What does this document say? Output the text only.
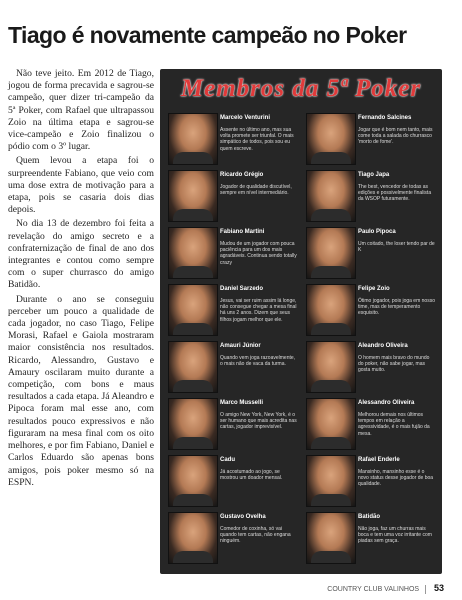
Tiago é novamente campeão no Poker

Não teve jeito. Em 2012 de Tiago, jogou de forma precavida e sagrou-se campeão, quer dizer tri-campeão da 5ª Poker, com Rafael que ultrapassou Zoio na última etapa e sagrou-se vice-campeão e Zoio finalizou o pódio com o 3º lugar.

Quem levou a etapa foi o surpreendente Fabiano, que veio com uma dose extra de motivação para a etapa, pois se casaria dois dias depois.

No dia 13 de dezembro foi feita a revelação do amigo secreto e a confraternização de final de ano dos integrantes e contou como sempre com o super churrasco do amigo Batidão.

Durante o ano se conseguiu perceber um pouco a qualidade de cada jogador, no caso Tiago, Felipe Morasi, Rafael e Gaiola mostraram maior consistência nos resultados. Ricardo, Alessandro, Gustavo e Amaury oscilaram muito durante a competição, com bons e maus resultados a cada etapa. Já Aleandro e Pipoca foram mal esse ano, com resultados pouco expressivos e não figuraram na mesa final com os oito melhores, e por fim Fabiano, Daniel e Carlos Eduardo são apenas bons amigos, pois poker mesmo só na ESPN.

Membros da 5ª Poker
Marcelo Venturini
Assente no último ano, mas sua volta promete ser triunfal. O mais simpático de todos, pois sou eu quem escreve.
Fernando Salcines
Jogar que é bom nem tanto, mais come toda a salada do churrasco 'morto de fome'.
Ricardo Grégio
Jogador de qualidade discutível, sempre em nível intermediário.
Tiago Japa
The best, vencedor de todas as edições e possivelmente finalista da WSOP futuramente.
Fabiano Martini
Mudou de um jogador com pouca paciência para um dos mais agradáveis. Continua sendo totally crazy
Paulo Pipoca
Um coitado, the loser tendo par de K
Daniel Sarzedo
Jesus, vai ser ruim assim lá longe, não consegue chegar a mesa final há uns 2 anos. Dizem que seus filhos jogam melhor que ele.
Felipe Zoio
Ótimo jogador, pois joga em nosso time, mas de temperamento esquisito.
Amauri Júnior
Quando vem joga razoavelmente, o mais não de vaca da turma.
Aleandro Oliveira
O homem mais bravo do mundo do poker, não sabe jogar, mas gosta muito.
Marco Musselli
O amigo New York, New York, é o ser humano que mais acredita nas cartas, jogador imprevisível.
Alessandro Oliveira
Melhorou demais nos últimos tempos em relação a agressividade, é o mais fujão da mesa.
Cadu
Já acostumado ao jogo, se mostrou um doador mensal.
Rafael Enderle
Mansinho, mansinho esse é o novo status desse jogador de boa qualidade.
Gustavo Ovelha
Comedor de coxinha, só vai quando tem cartas, não engana ninguém.
Batidão
Não joga, faz um churras mais boca e tem uma voz irritante com piadas sem graça.
COUNTRY CLUB VALINHOS 53
